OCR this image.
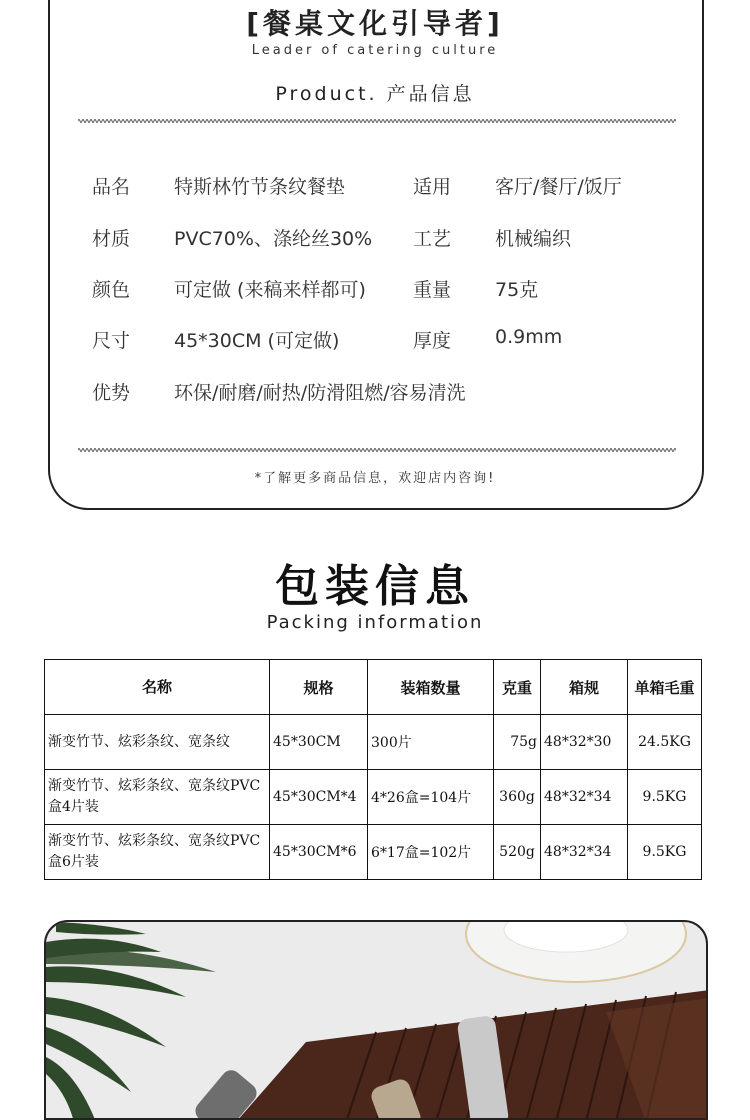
[餐桌文化引导者]
Leader of catering culture
Product. 产品信息
品名 特斯林竹节条纹餐垫	适用 客厅/餐厅/饭厅
材质 PVC70%、涤纶丝30% 工艺 机械编织
颜色 可定做 (来稿来样都可) 重量 75克
尺寸 45*30CM (可定做)	厚度 0.9mm
优势 环保/耐磨/耐热/防滑阻燃/容易清洗
*了解更多商品信息，欢迎店内咨询!
包装信息
Packing information
名称	规格	装箱数量	克重	箱规	单箱毛重
渐变竹节、炫彩条纹、宽条纹	45*30CM	300片	75g	48*32*30	24.5KG
渐变竹节、炫彩条纹、宽条纹PVC盒4片装	45*30CM*4	4*26盒=104片	360g	48*32*34	9.5KG
渐变竹节、炫彩条纹、宽条纹PVC盒6片装	45*30CM*6	6*17盒=102片	520g	48*32*34	9.5KG
